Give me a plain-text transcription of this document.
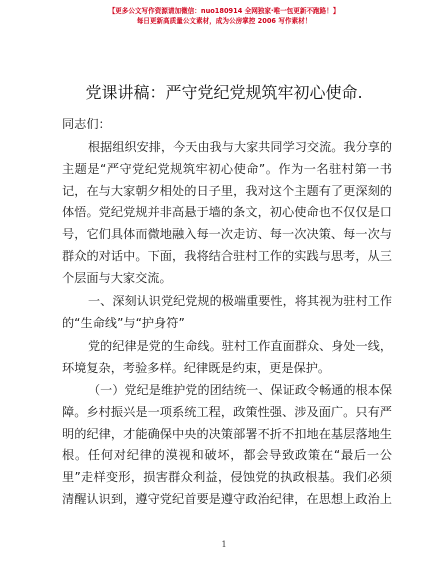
【更多公文写作资源请加微信：nuo180914 全网独家·唯一包更新不跑路！】
每日更新高质量公文素材，成为公房掌控 2006 写作素材！
党课讲稿：严守党纪党规筑牢初心使命.
同志们：
根据组织安排，今天由我与大家共同学习交流。我分享的
主题是“严守党纪党规筑牢初心使命”。作为一名驻村第一书
记，在与大家朝夕相处的日子里，我对这个主题有了更深刻的
体悟。党纪党规并非高悬于墙的条文，初心使命也不仅仅是口
号，它们具体而微地融入每一次走访、每一次决策、每一次与
群众的对话中。下面，我将结合驻村工作的实践与思考，从三
个层面与大家交流。
一、深刻认识党纪党规的极端重要性，将其视为驻村工作
的“生命线”与“护身符”
党的纪律是党的生命线。驻村工作直面群众、身处一线，
环境复杂，考验多样。纪律既是约束，更是保护。
（一）党纪是维护党的团结统一、保证政令畅通的根本保
障。乡村振兴是一项系统工程，政策性强、涉及面广。只有严
明的纪律，才能确保中央的决策部署不折不扣地在基层落地生
根。任何对纪律的漠视和破坏，都会导致政策在“最后一公
里”走样变形，损害群众利益，侵蚀党的执政根基。我们必须
清醒认识到，遵守党纪首要是遵守政治纪律，在思想上政治上
1
